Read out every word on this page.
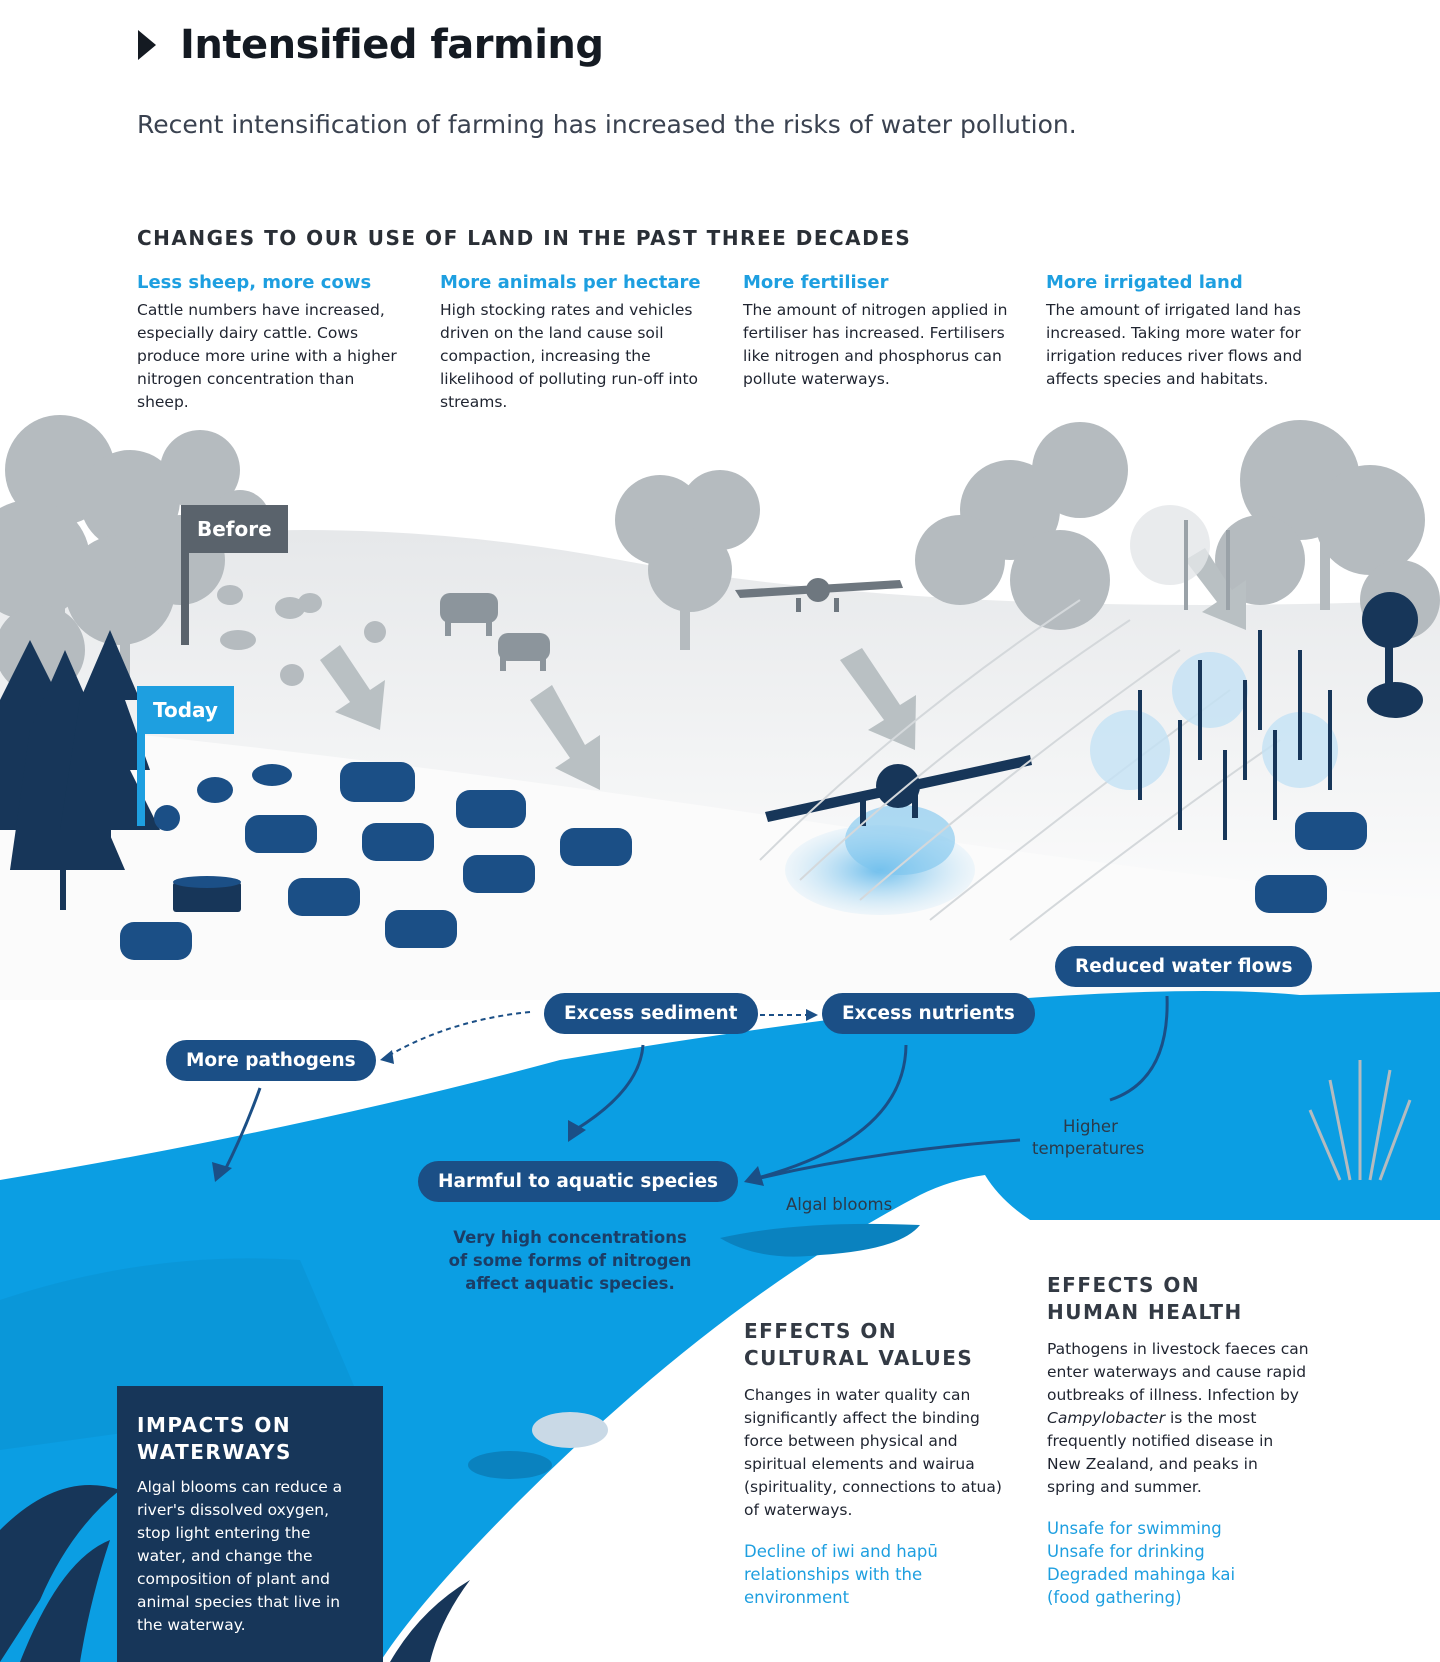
Intensified farming
Recent intensification of farming has increased the risks of water pollution.
CHANGES TO OUR USE OF LAND IN THE PAST THREE DECADES
Less sheep, more cows

Cattle numbers have increased, especially dairy cattle. Cows produce more urine with a higher nitrogen concentration than sheep.

More animals per hectare

High stocking rates and vehicles driven on the land cause soil compaction, increasing the likelihood of polluting run-off into streams.

More fertiliser

The amount of nitrogen applied in fertiliser has increased. Fertilisers like nitrogen and phosphorus can pollute waterways.

More irrigated land

The amount of irrigated land has increased. Taking more water for irrigation reduces river flows and affects species and habitats.

Before
Today
Reduced water flows
Excess sediment	Excess nutrients
More pathogens
Harmful to aquatic species
Higher
temperatures
Algal blooms
Very high concentrations
of some forms of nitrogen
affect aquatic species.
IMPACTS ON
WATERWAYS

Algal blooms can reduce a river's dissolved oxygen, stop light entering the water, and change the composition of plant and animal species that live in the waterway.

EFFECTS ON
CULTURAL VALUES
Changes in water quality can significantly affect the binding force between physical and spiritual elements and wairua (spirituality, connections to atua) of waterways.
Decline of iwi and hapū relationships with the environment
EFFECTS ON
HUMAN HEALTH
Pathogens in livestock faeces can enter waterways and cause rapid outbreaks of illness. Infection by Campylobacter is the most frequently notified disease in New Zealand, and peaks in spring and summer.
Unsafe for swimming
Unsafe for drinking
Degraded mahinga kai (food gathering)
